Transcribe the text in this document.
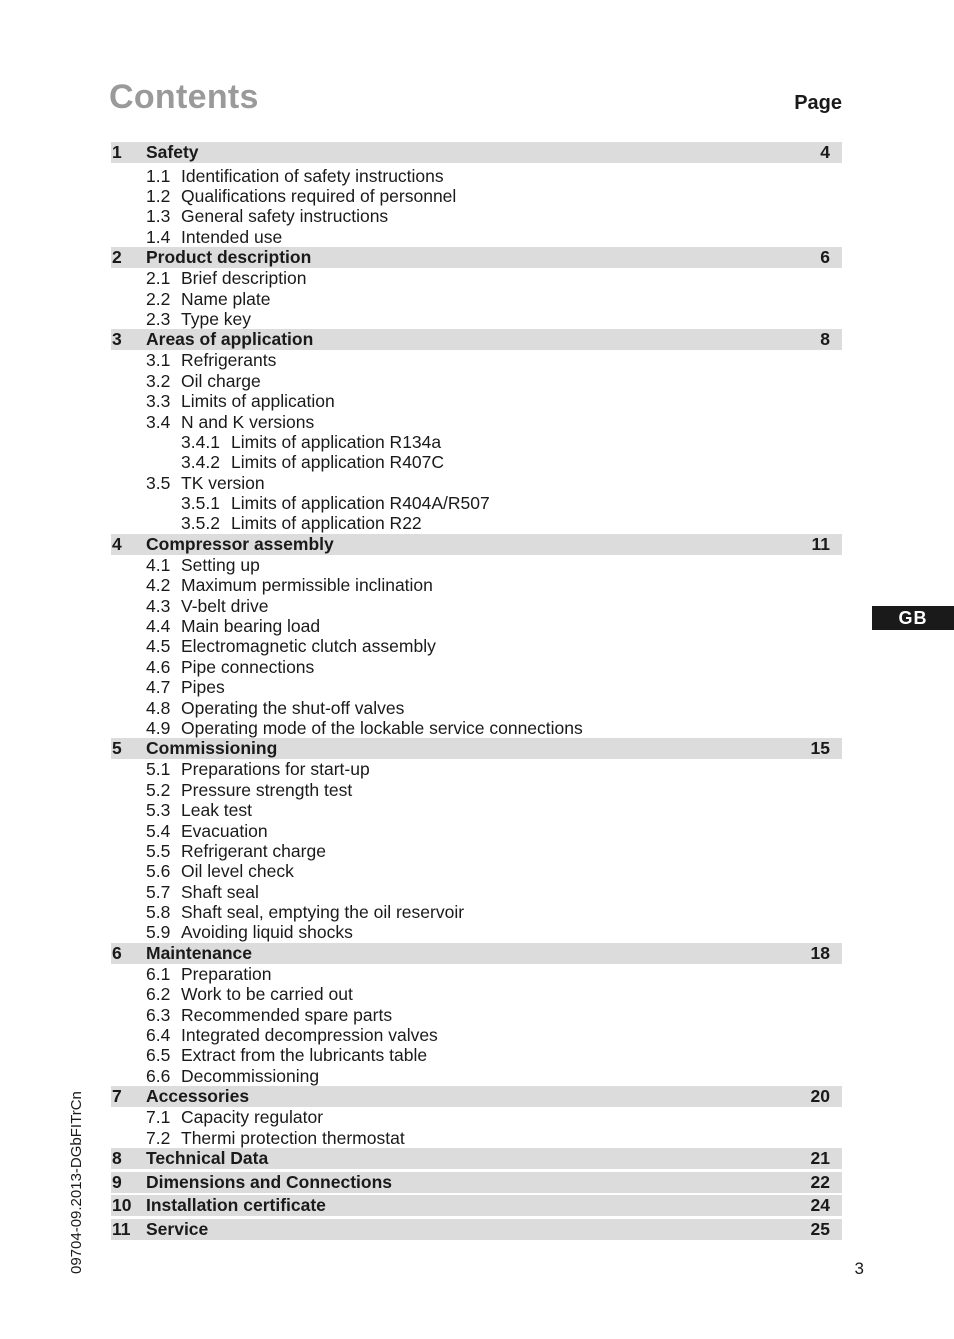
Contents	Page
1 Safety	4
1.1 Identification of safety instructions
1.2 Qualifications required of personnel
1.3 General safety instructions
1.4 Intended use
2 Product description	6
2.1 Brief description
2.2 Name plate
2.3 Type key
3 Areas of application	8
3.1 Refrigerants
3.2 Oil charge
3.3 Limits of application
3.4 N and K versions
3.4.1 Limits of application R134a
3.4.2 Limits of application R407C
3.5 TK version
3.5.1 Limits of application R404A/R507
3.5.2 Limits of application R22
4 Compressor assembly	11
4.1 Setting up
4.2 Maximum permissible inclination
4.3 V-belt drive
4.4 Main bearing load
4.5 Electromagnetic clutch assembly
4.6 Pipe connections
4.7 Pipes
4.8 Operating the shut-off valves
4.9 Operating mode of the lockable service connections
5 Commissioning	15
5.1 Preparations for start-up
5.2 Pressure strength test
5.3 Leak test
5.4 Evacuation
5.5 Refrigerant charge
5.6 Oil level check
5.7 Shaft seal
5.8 Shaft seal, emptying the oil reservoir
5.9 Avoiding liquid shocks
6 Maintenance	18
6.1 Preparation
6.2 Work to be carried out
6.3 Recommended spare parts
6.4 Integrated decompression valves
6.5 Extract from the lubricants table
6.6 Decommissioning
7 Accessories	20
7.1 Capacity regulator
7.2 Thermi protection thermostat
8 Technical Data	21
9 Dimensions and Connections	22
10 Installation certificate	24
11 Service	25
GB
09704-09.2013-DGbFITrCn	3
